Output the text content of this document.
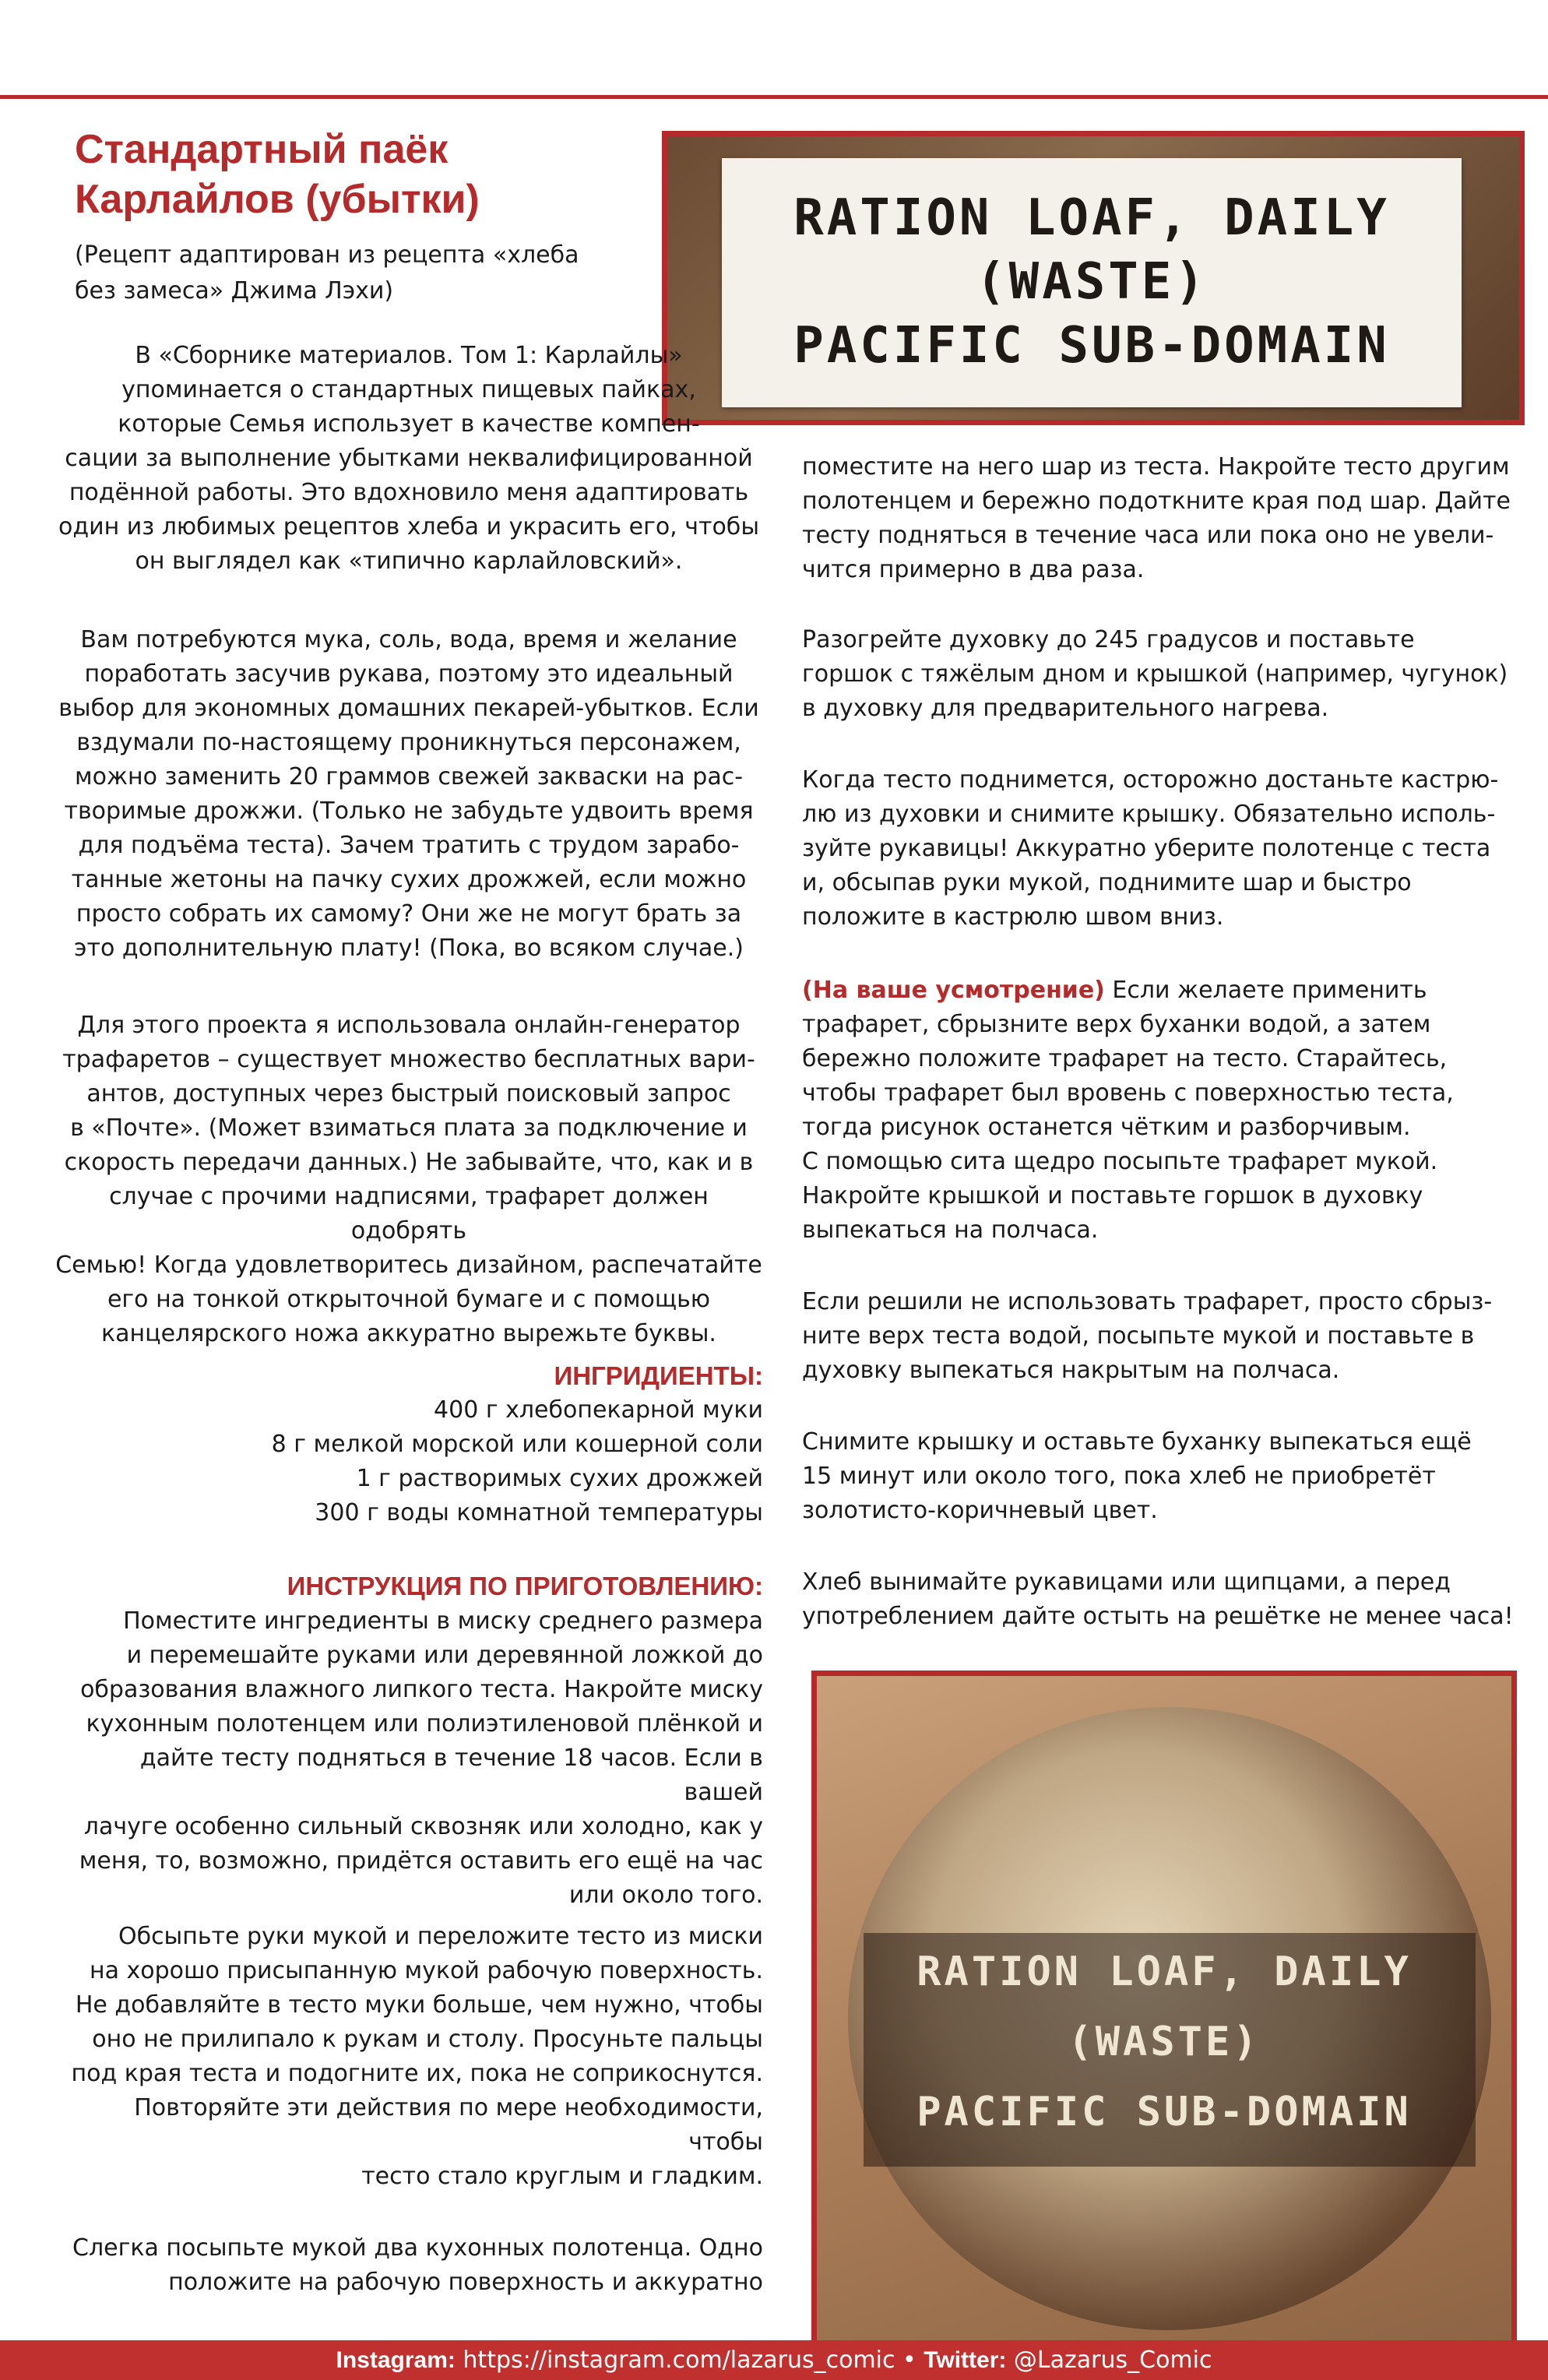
Стандартный паёк
Карлайлов (убытки)
(Рецепт адаптирован из рецепта «хлеба
без замеса» Джима Лэхи)
RATION LOAF, DAILY
(WASTE)
PACIFIC SUB-DOMAIN

В «Сборнике материалов. Том 1: Карлайлы»

упоминается о стандартных пищевых пайках,

которые Семья использует в качестве компен-

сации за выполнение убытками неквалифицированной

подённой работы. Это вдохновило меня адаптировать

один из любимых рецептов хлеба и украсить его, чтобы

он выглядел как «типично карлайловский».

Вам потребуются мука, соль, вода, время и желание

поработать засучив рукава, поэтому это идеальный

выбор для экономных домашних пекарей-убытков. Если

вздумали по-настоящему проникнуться персонажем,

можно заменить 20 граммов свежей закваски на рас-

творимые дрожжи. (Только не забудьте удвоить время

для подъёма теста). Зачем тратить с трудом зарабо-

танные жетоны на пачку сухих дрожжей, если можно

просто собрать их самому? Они же не могут брать за

это дополнительную плату! (Пока, во всяком случае.)

Для этого проекта я использовала онлайн-генератор

трафаретов – существует множество бесплатных вари-

антов, доступных через быстрый поисковый запрос

в «Почте». (Может взиматься плата за подключение и

скорость передачи данных.) Не забывайте, что, как и в

случае с прочими надписями, трафарет должен одобрять

Семью! Когда удовлетворитесь дизайном, распечатайте

его на тонкой открыточной бумаге и с помощью

канцелярского ножа аккуратно вырежьте буквы.

ИНГРИДИЕНТЫ:

400 г хлебопекарной муки

8 г мелкой морской или кошерной соли

1 г растворимых сухих дрожжей

300 г воды комнатной температуры

ИНСТРУКЦИЯ ПО ПРИГОТОВЛЕНИЮ:

Поместите ингредиенты в миску среднего размера

и перемешайте руками или деревянной ложкой до

образования влажного липкого теста. Накройте миску

кухонным полотенцем или полиэтиленовой плёнкой и

дайте тесту подняться в течение 18 часов. Если в вашей

лачуге особенно сильный сквозняк или холодно, как у

меня, то, возможно, придётся оставить его ещё на час

или около того.

Обсыпьте руки мукой и переложите тесто из миски

на хорошо присыпанную мукой рабочую поверхность.

Не добавляйте в тесто муки больше, чем нужно, чтобы

оно не прилипало к рукам и столу. Просуньте пальцы

под края теста и подогните их, пока не соприкоснутся.

Повторяйте эти действия по мере необходимости, чтобы

тесто стало круглым и гладким.

Слегка посыпьте мукой два кухонных полотенца. Одно

положите на рабочую поверхность и аккуратно

поместите на него шар из теста. Накройте тесто другим

полотенцем и бережно подоткните края под шар. Дайте

тесту подняться в течение часа или пока оно не увели-

чится примерно в два раза.

Разогрейте духовку до 245 градусов и поставьте

горшок с тяжёлым дном и крышкой (например, чугунок)

в духовку для предварительного нагрева.

Когда тесто поднимется, осторожно достаньте кастрю-

лю из духовки и снимите крышку. Обязательно исполь-

зуйте рукавицы! Аккуратно уберите полотенце с теста

и, обсыпав руки мукой, поднимите шар и быстро

положите в кастрюлю швом вниз.

(На ваше усмотрение) Если желаете применить

трафарет, сбрызните верх буханки водой, а затем

бережно положите трафарет на тесто. Старайтесь,

чтобы трафарет был вровень с поверхностью теста,

тогда рисунок останется чётким и разборчивым.

С помощью сита щедро посыпьте трафарет мукой.

Накройте крышкой и поставьте горшок в духовку

выпекаться на полчаса.

Если решили не использовать трафарет, просто сбрыз-

ните верх теста водой, посыпьте мукой и поставьте в

духовку выпекаться накрытым на полчаса.

Снимите крышку и оставьте буханку выпекаться ещё

15 минут или около того, пока хлеб не приобретёт

золотисто-коричневый цвет.

Хлеб вынимайте рукавицами или щипцами, а перед

употреблением дайте остыть на решётке не менее часа!

RATION LOAF, DAILY
(WASTE)
PACIFIC SUB-DOMAIN
Instagram: https://instagram.com/lazarus_comic • Twitter: @Lazarus_Comic
